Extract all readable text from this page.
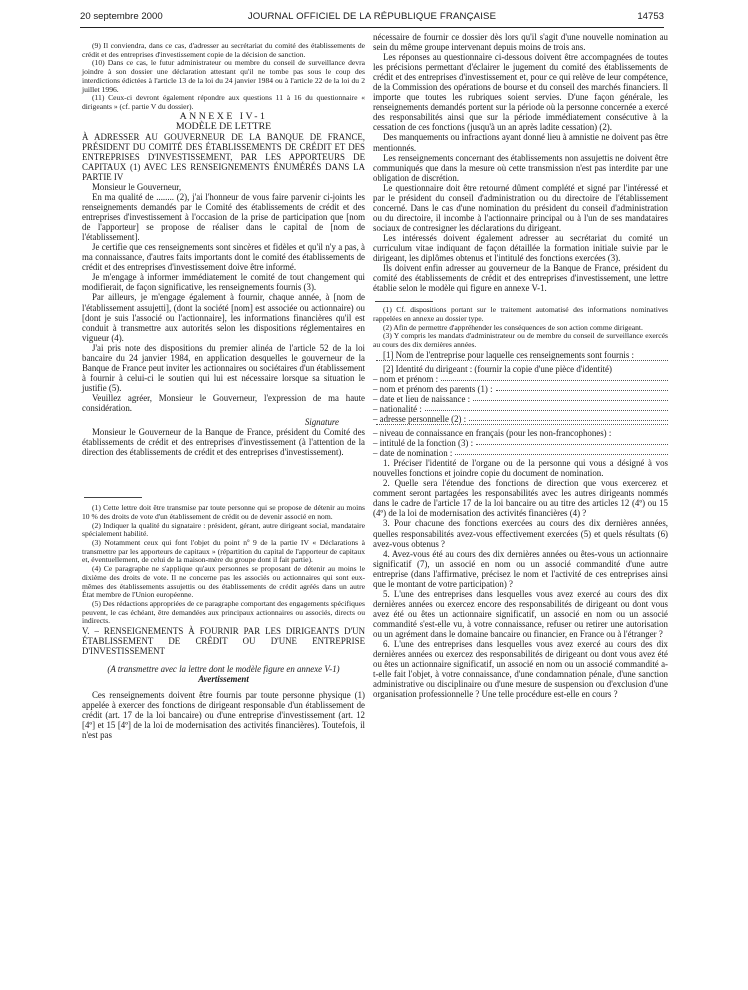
20 septembre 2000	JOURNAL OFFICIEL DE LA RÉPUBLIQUE FRANÇAISE	14753

(9) Il conviendra, dans ce cas, d'adresser au secrétariat du comité des établissements de crédit et des entreprises d'investissement copie de la décision de sanction.

(10) Dans ce cas, le futur administrateur ou membre du conseil de surveillance devra joindre à son dossier une déclaration attestant qu'il ne tombe pas sous le coup des interdictions édictées à l'article 13 de la loi du 24 janvier 1984 ou à l'article 22 de la loi du 2 juillet 1996.

(11) Ceux-ci devront également répondre aux questions 11 à 16 du questionnaire « dirigeants » (cf. partie V du dossier).

ANNEXE IV-1

MODÈLE DE LETTRE

À ADRESSER AU GOUVERNEUR DE LA BANQUE DE FRANCE, PRÉSIDENT DU COMITÉ DES ÉTABLISSEMENTS DE CRÉDIT ET DES ENTREPRISES D'INVESTISSEMENT, PAR LES APPORTEURS DE CAPITAUX (1) AVEC LES RENSEIGNEMENTS ÉNUMÉRÉS DANS LA PARTIE IV

Monsieur le Gouverneur,

En ma qualité de ........ (2), j'ai l'honneur de vous faire parvenir ci-joints les renseignements demandés par le Comité des établissements de crédit et des entreprises d'investissement à l'occasion de la prise de participation que [nom de l'apporteur] se propose de réaliser dans le capital de [nom de l'établissement].

Je certifie que ces renseignements sont sincères et fidèles et qu'il n'y a pas, à ma connaissance, d'autres faits importants dont le comité des établissements de crédit et des entreprises d'investissement doive être informé.

Je m'engage à informer immédiatement le comité de tout changement qui modifierait, de façon significative, les renseignements fournis (3).

Par ailleurs, je m'engage également à fournir, chaque année, à [nom de l'établissement assujetti], (dont la société [nom] est associée ou actionnaire) ou [dont je suis l'associé ou l'actionnaire], les informations financières qu'il est conduit à transmettre aux autorités selon les dispositions réglementaires en vigueur (4).

J'ai pris note des dispositions du premier alinéa de l'article 52 de la loi bancaire du 24 janvier 1984, en application desquelles le gouverneur de la Banque de France peut inviter les actionnaires ou sociétaires d'un établissement à fournir à celui-ci le soutien qui lui est nécessaire lorsque sa situation le justifie (5).

Veuillez agréer, Monsieur le Gouverneur, l'expression de ma haute considération.

Signature

Monsieur le Gouverneur de la Banque de France, président du Comité des établissements de crédit et des entreprises d'investissement (à l'attention de la direction des établissements de crédit et des entreprises d'investissement).

(1) Cette lettre doit être transmise par toute personne qui se propose de détenir au moins 10 % des droits de vote d'un établissement de crédit ou de devenir associé en nom.

(2) Indiquer la qualité du signataire : président, gérant, autre dirigeant social, mandataire spécialement habilité.

(3) Notamment ceux qui font l'objet du point nº 9 de la partie IV « Déclarations à transmettre par les apporteurs de capitaux » (répartition du capital de l'apporteur de capitaux et, éventuellement, de celui de la maison-mère du groupe dont il fait partie).

(4) Ce paragraphe ne s'applique qu'aux personnes se proposant de détenir au moins le dixième des droits de vote. Il ne concerne pas les associés ou actionnaires qui sont eux-mêmes des établissements assujettis ou des établissements de crédit agréés dans un autre État membre de l'Union européenne.

(5) Des rédactions appropriées de ce paragraphe comportant des engagements spécifiques peuvent, le cas échéant, être demandées aux principaux actionnaires ou associés, directs ou indirects.

V. – RENSEIGNEMENTS À FOURNIR PAR LES DIRIGEANTS D'UN ÉTABLISSEMENT DE CRÉDIT OU D'UNE ENTREPRISE D'INVESTISSEMENT

(A transmettre avec la lettre dont le modèle figure en annexe V-1)

Avertissement

Ces renseignements doivent être fournis par toute personne physique (1) appelée à exercer des fonctions de dirigeant responsable d'un établissement de crédit (art. 17 de la loi bancaire) ou d'une entreprise d'investissement (art. 12 [4º] et 15 [4º] de la loi de modernisation des activités financières). Toutefois, il n'est pas

nécessaire de fournir ce dossier dès lors qu'il s'agit d'une nouvelle nomination au sein du même groupe intervenant depuis moins de trois ans.

Les réponses au questionnaire ci-dessous doivent être accompagnées de toutes les précisions permettant d'éclairer le jugement du comité des établissements de crédit et des entreprises d'investissement et, pour ce qui relève de leur compétence, de la Commission des opérations de bourse et du conseil des marchés financiers. Il importe que toutes les rubriques soient servies. D'une façon générale, les renseignements demandés portent sur la période où la personne concernée a exercé des responsabilités ainsi que sur la période immédiatement consécutive à la cessation de ces fonctions (jusqu'à un an après ladite cessation) (2).

Des manquements ou infractions ayant donné lieu à amnistie ne doivent pas être mentionnés.

Les renseignements concernant des établissements non assujettis ne doivent être communiqués que dans la mesure où cette transmission n'est pas interdite par une obligation de discrétion.

Le questionnaire doit être retourné dûment complété et signé par l'intéressé et par le président du conseil d'administration ou du directoire de l'établissement concerné. Dans le cas d'une nomination du président du conseil d'administration ou du directoire, il incombe à l'actionnaire principal ou à l'un de ses mandataires sociaux de contresigner les déclarations du dirigeant.

Les intéressés doivent également adresser au secrétariat du comité un curriculum vitae indiquant de façon détaillée la formation initiale suivie par le dirigeant, les diplômes obtenus et l'intitulé des fonctions exercées (3).

Ils doivent enfin adresser au gouverneur de la Banque de France, président du comité des établissements de crédit et des entreprises d'investissement, une lettre établie selon le modèle qui figure en annexe V-1.

(1) Cf. dispositions portant sur le traitement automatisé des informations nominatives rappelées en annexe au dossier type.

(2) Afin de permettre d'appréhender les conséquences de son action comme dirigeant.

(3) Y compris les mandats d'administrateur ou de membre du conseil de surveillance exercés au cours des dix dernières années.

[1] Nom de l'entreprise pour laquelle ces renseignements sont fournis :

[2] Identité du dirigeant : (fournir la copie d'une pièce d'identité)

– nom et prénom :
– nom et prénom des parents (1) :
– date et lieu de naissance :
– nationalité :
– adresse personnelle (2) :
– niveau de connaissance en français (pour les non-francophones) :
– intitulé de la fonction (3) :
– date de nomination :

1. Préciser l'identité de l'organe ou de la personne qui vous a désigné à vos nouvelles fonctions et joindre copie du document de nomination.

2. Quelle sera l'étendue des fonctions de direction que vous exercerez et comment seront partagées les responsabilités avec les autres dirigeants nommés dans le cadre de l'article 17 de la loi bancaire ou au titre des articles 12 (4º) ou 15 (4º) de la loi de modernisation des activités financières (4) ?

3. Pour chacune des fonctions exercées au cours des dix dernières années, quelles responsabilités avez-vous effectivement exercées (5) et quels résultats (6) avez-vous obtenus ?

4. Avez-vous été au cours des dix dernières années ou êtes-vous un actionnaire significatif (7), un associé en nom ou un associé commandité d'une autre entreprise (dans l'affirmative, précisez le nom et l'activité de ces entreprises ainsi que le montant de votre participation) ?

5. L'une des entreprises dans lesquelles vous avez exercé au cours des dix dernières années ou exercez encore des responsabilités de dirigeant ou dont vous avez été ou êtes un actionnaire significatif, un associé en nom ou un associé commandité s'est-elle vu, à votre connaissance, refuser ou retirer une autorisation ou un agrément dans le domaine bancaire ou financier, en France ou à l'étranger ?

6. L'une des entreprises dans lesquelles vous avez exercé au cours des dix dernières années ou exercez des responsabilités de dirigeant ou dont vous avez été ou êtes un actionnaire significatif, un associé en nom ou un associé commandité a-t-elle fait l'objet, à votre connaissance, d'une condamnation pénale, d'une sanction administrative ou disciplinaire ou d'une mesure de suspension ou d'exclusion d'une organisation professionnelle ? Une telle procédure est-elle en cours ?
